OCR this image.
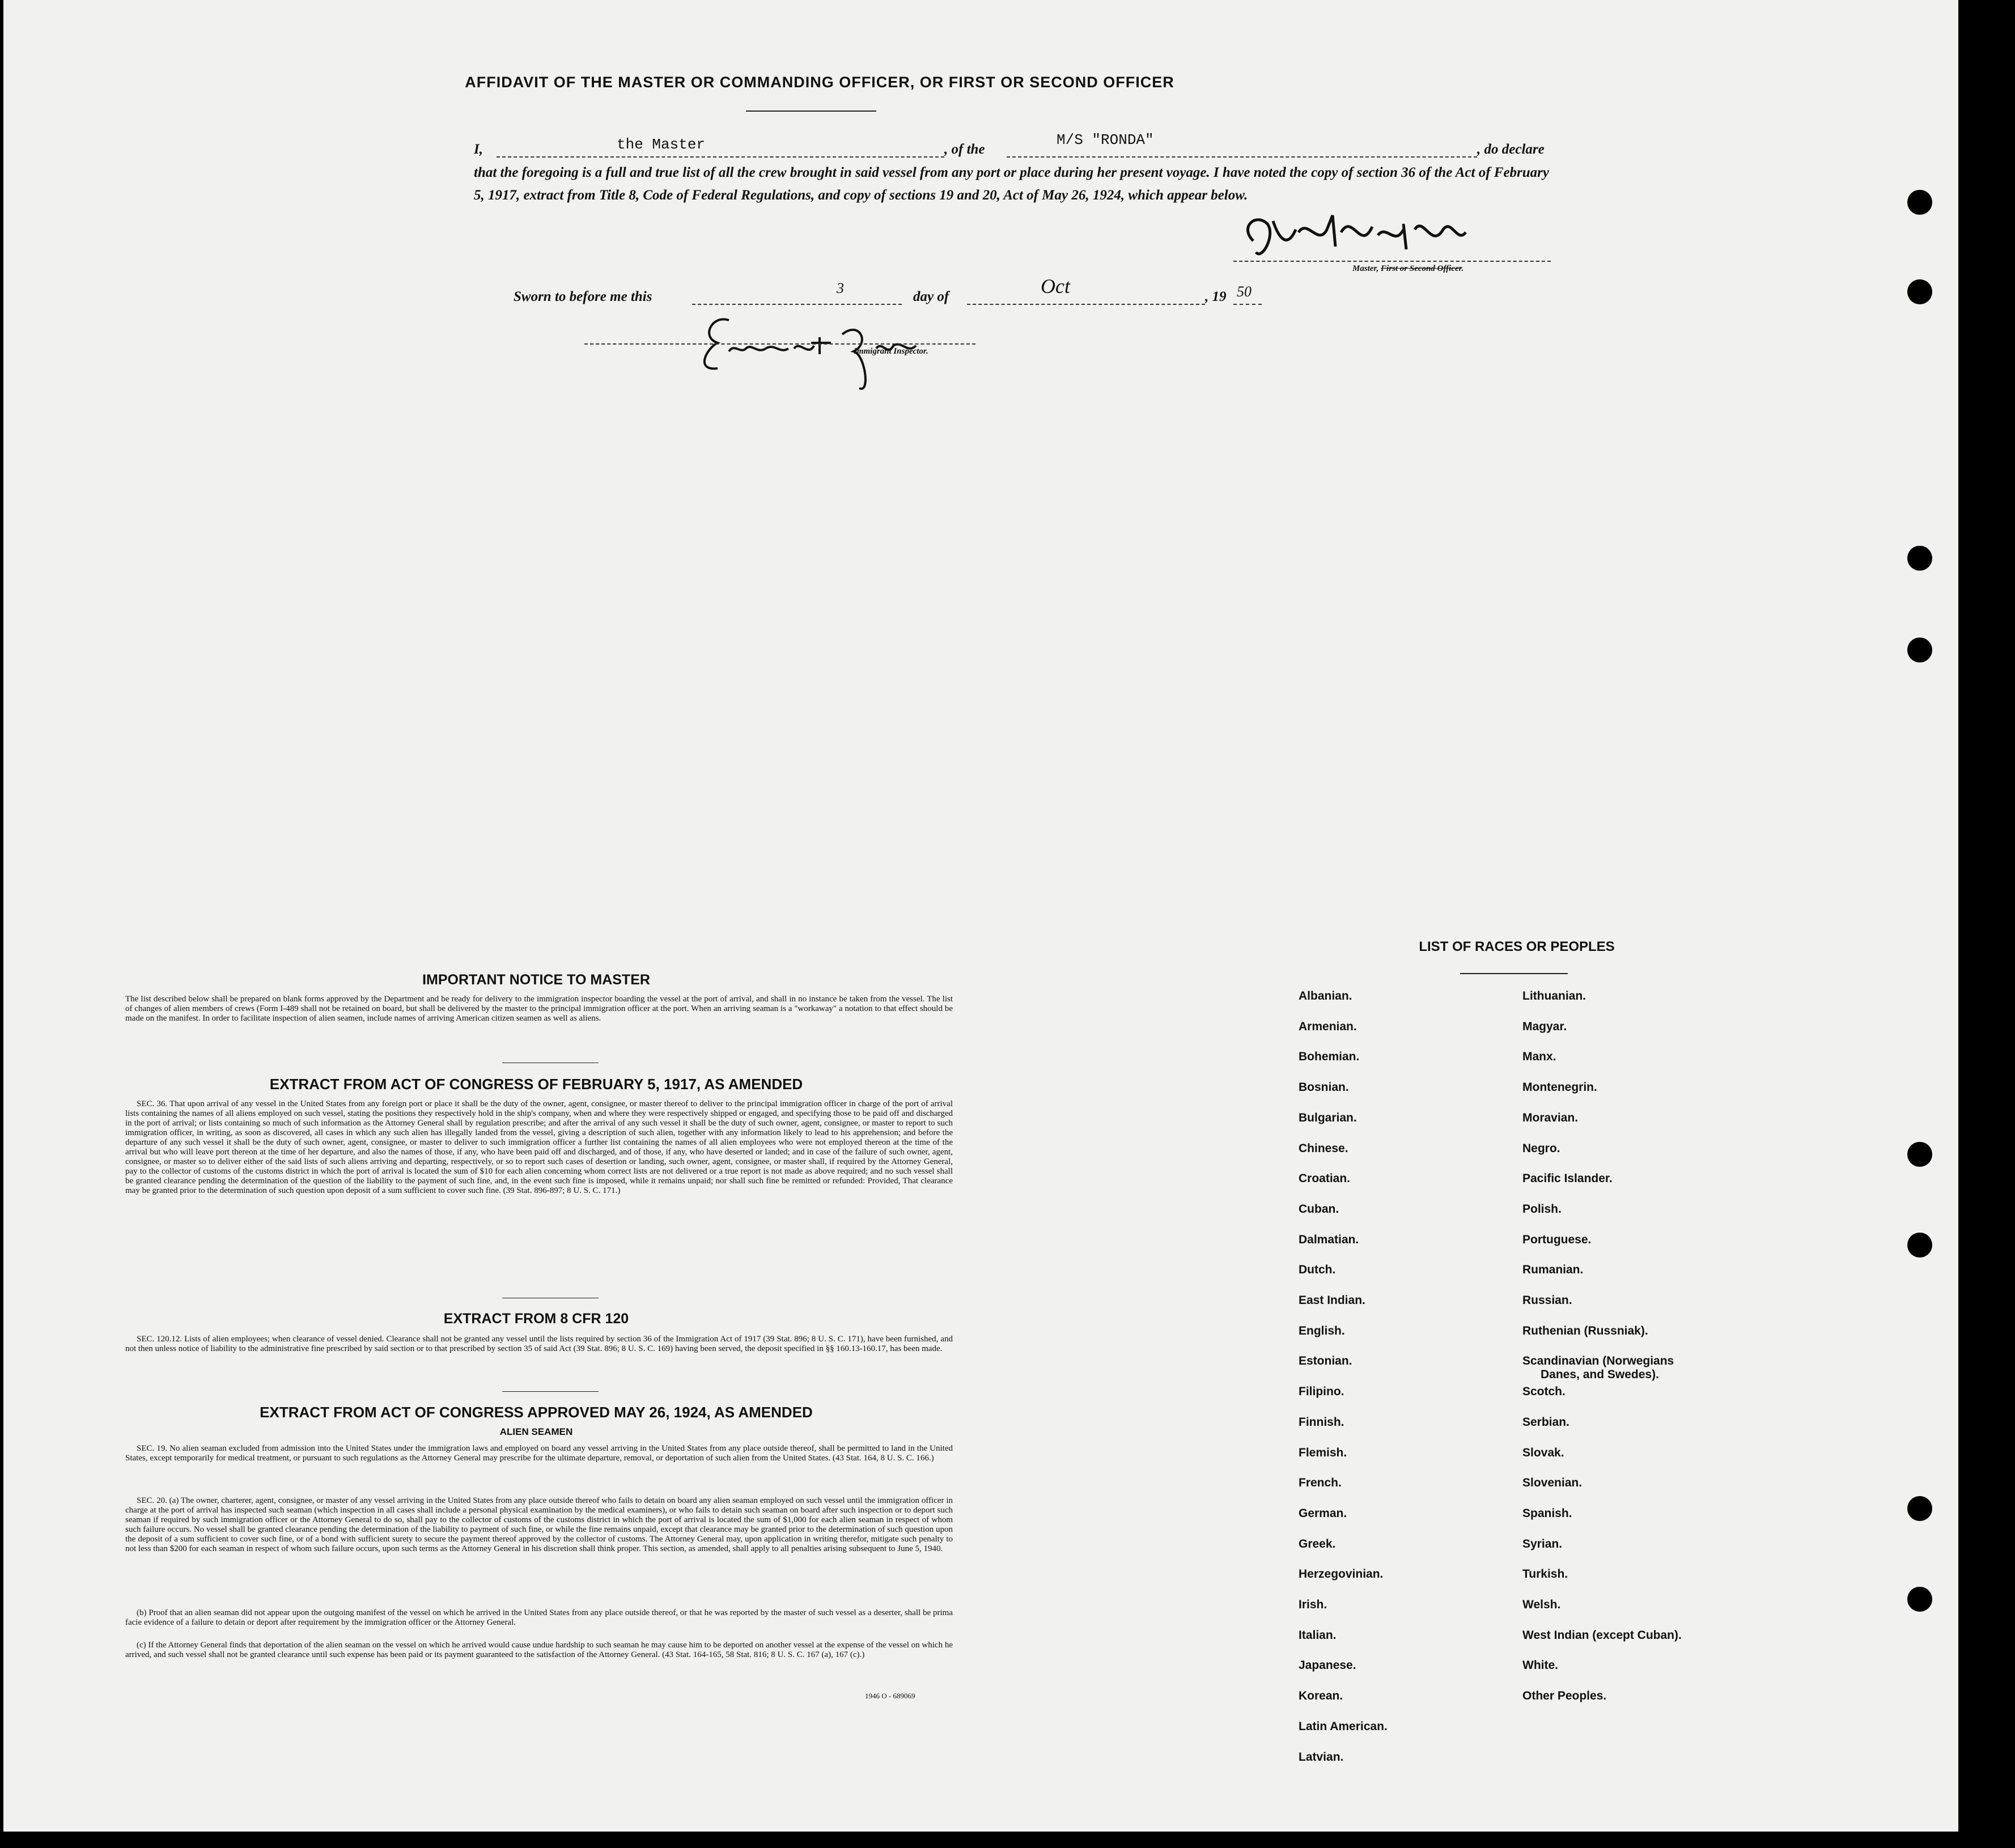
AFFIDAVIT OF THE MASTER OR COMMANDING OFFICER, OR FIRST OR SECOND OFFICER
I,	the Master	, of the
M/S "RONDA"
, do declare
that the foregoing is a full and true list of all the crew brought in said vessel from any port or place during her present voyage. I have noted the copy of section 36 of the Act of February 5, 1917, extract from Title 8, Code of Federal Regulations, and copy of sections 19 and 20, Act of May 26, 1924, which appear below.
Master, First or Second Officer.
Sworn to before me this
3
day of	Oct	, 19 50
Immigrant Inspector.
IMPORTANT NOTICE TO MASTER
The list described below shall be prepared on blank forms approved by the Department and be ready for delivery to the immigration inspector boarding the vessel at the port of arrival, and shall in no instance be taken from the vessel. The list of changes of alien members of crews (Form I-489 shall not be retained on board, but shall be delivered by the master to the principal immigration officer at the port. When an arriving seaman is a "workaway" a notation to that effect should be made on the manifest. In order to facilitate inspection of alien seamen, include names of arriving American citizen seamen as well as aliens.
EXTRACT FROM ACT OF CONGRESS OF FEBRUARY 5, 1917, AS AMENDED
SEC. 36. That upon arrival of any vessel in the United States from any foreign port or place it shall be the duty of the owner, agent, consignee, or master thereof to deliver to the principal immigration officer in charge of the port of arrival lists containing the names of all aliens employed on such vessel, stating the positions they respectively hold in the ship's company, when and where they were respectively shipped or engaged, and specifying those to be paid off and discharged in the port of arrival; or lists containing so much of such information as the Attorney General shall by regulation prescribe; and after the arrival of any such vessel it shall be the duty of such owner, agent, consignee, or master to report to such immigration officer, in writing, as soon as discovered, all cases in which any such alien has illegally landed from the vessel, giving a description of such alien, together with any information likely to lead to his apprehension; and before the departure of any such vessel it shall be the duty of such owner, agent, consignee, or master to deliver to such immigration officer a further list containing the names of all alien employees who were not employed thereon at the time of the arrival but who will leave port thereon at the time of her departure, and also the names of those, if any, who have been paid off and discharged, and of those, if any, who have deserted or landed; and in case of the failure of such owner, agent, consignee, or master so to deliver either of the said lists of such aliens arriving and departing, respectively, or so to report such cases of desertion or landing, such owner, agent, consignee, or master shall, if required by the Attorney General, pay to the collector of customs of the customs district in which the port of arrival is located the sum of $10 for each alien concerning whom correct lists are not delivered or a true report is not made as above required; and no such vessel shall be granted clearance pending the determination of the question of the liability to the payment of such fine, and, in the event such fine is imposed, while it remains unpaid; nor shall such fine be remitted or refunded: Provided, That clearance may be granted prior to the determination of such question upon deposit of a sum sufficient to cover such fine. (39 Stat. 896-897; 8 U. S. C. 171.)
EXTRACT FROM 8 CFR 120
SEC. 120.12. Lists of alien employees; when clearance of vessel denied. Clearance shall not be granted any vessel until the lists required by section 36 of the Immigration Act of 1917 (39 Stat. 896; 8 U. S. C. 171), have been furnished, and not then unless notice of liability to the administrative fine prescribed by said section or to that prescribed by section 35 of said Act (39 Stat. 896; 8 U. S. C. 169) having been served, the deposit specified in §§ 160.13-160.17, has been made.
EXTRACT FROM ACT OF CONGRESS APPROVED MAY 26, 1924, AS AMENDED
ALIEN SEAMEN
SEC. 19. No alien seaman excluded from admission into the United States under the immigration laws and employed on board any vessel arriving in the United States from any place outside thereof, shall be permitted to land in the United States, except temporarily for medical treatment, or pursuant to such regulations as the Attorney General may prescribe for the ultimate departure, removal, or deportation of such alien from the United States. (43 Stat. 164, 8 U. S. C. 166.)
SEC. 20. (a) The owner, charterer, agent, consignee, or master of any vessel arriving in the United States from any place outside thereof who fails to detain on board any alien seaman employed on such vessel until the immigration officer in charge at the port of arrival has inspected such seaman (which inspection in all cases shall include a personal physical examination by the medical examiners), or who fails to detain such seaman on board after such inspection or to deport such seaman if required by such immigration officer or the Attorney General to do so, shall pay to the collector of customs of the customs district in which the port of arrival is located the sum of $1,000 for each alien seaman in respect of whom such failure occurs. No vessel shall be granted clearance pending the determination of the liability to payment of such fine, or while the fine remains unpaid, except that clearance may be granted prior to the determination of such question upon the deposit of a sum sufficient to cover such fine, or of a bond with sufficient surety to secure the payment thereof approved by the collector of customs. The Attorney General may, upon application in writing therefor, mitigate such penalty to not less than $200 for each seaman in respect of whom such failure occurs, upon such terms as the Attorney General in his discretion shall think proper. This section, as amended, shall apply to all penalties arising subsequent to June 5, 1940.
(b) Proof that an alien seaman did not appear upon the outgoing manifest of the vessel on which he arrived in the United States from any place outside thereof, or that he was reported by the master of such vessel as a deserter, shall be prima facie evidence of a failure to detain or deport after requirement by the immigration officer or the Attorney General.
(c) If the Attorney General finds that deportation of the alien seaman on the vessel on which he arrived would cause undue hardship to such seaman he may cause him to be deported on another vessel at the expense of the vessel on which he arrived, and such vessel shall not be granted clearance until such expense has been paid or its payment guaranteed to the satisfaction of the Attorney General. (43 Stat. 164-165, 58 Stat. 816; 8 U. S. C. 167 (a), 167 (c).)
1946 O - 689069
LIST OF RACES OR PEOPLES
Albanian.
Armenian.
Bohemian.
Bosnian.
Bulgarian.
Chinese.
Croatian.
Cuban.
Dalmatian.
Dutch.
East Indian.
English.
Estonian.
Filipino.
Finnish.
Flemish.
French.
German.
Greek.
Herzegovinian.
Irish.
Italian.
Japanese.
Korean.
Latin American.
Latvian.
Lithuanian.
Magyar.
Manx.
Montenegrin.
Moravian.
Negro.
Pacific Islander.
Polish.
Portuguese.
Rumanian.
Russian.
Ruthenian (Russniak).
Scandinavian (Norwegians
Danes, and Swedes).
Scotch.
Serbian.
Slovak.
Slovenian.
Spanish.
Syrian.
Turkish.
Welsh.
West Indian (except Cuban).
White.
Other Peoples.
